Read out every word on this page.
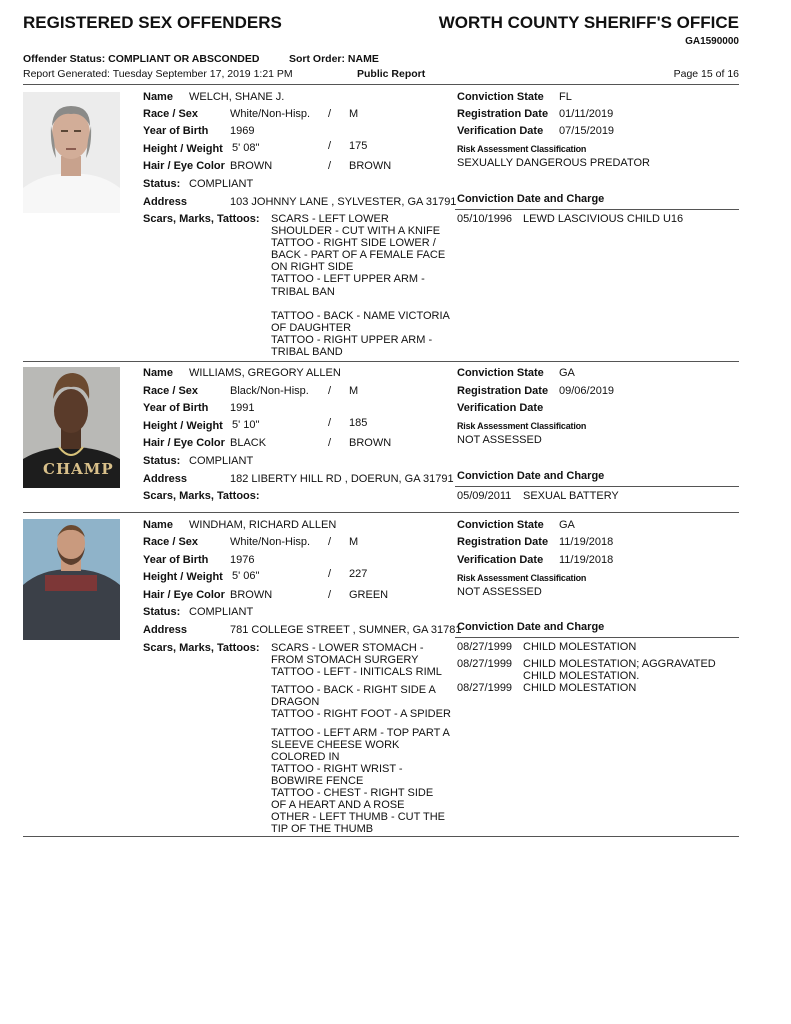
REGISTERED SEX OFFENDERS	WORTH COUNTY SHERIFF'S OFFICE
GA1590000
Offender Status: COMPLIANT OR ABSCONDED	Sort Order: NAME
Report Generated: Tuesday September 17, 2019 1:21 PM	Public Report	Page 15 of 16
Name WELCH, SHANE J.
Race / Sex	White/Non-Hisp. / M
Year of Birth 1969
Height / Weight 5' 08"	/ 175
Hair / Eye Color BROWN	/ BROWN
Status: COMPLIANT
Address	103 JOHNNY LANE , SYLVESTER, GA 31791
Scars, Marks, Tattoos: SCARS - LEFT LOWER SHOULDER - CUT WITH A KNIFE

TATTOO - RIGHT SIDE LOWER / BACK - PART OF A FEMALE FACE ON RIGHT SIDE

TATTOO - LEFT UPPER ARM - TRIBAL BAN

TATTOO - BACK - NAME VICTORIA OF DAUGHTER

TATTOO - RIGHT UPPER ARM - TRIBAL BAND

Conviction State FL
Registration Date 01/11/2019
Verification Date 07/15/2019
Risk Assessment Classification
SEXUALLY DANGEROUS PREDATOR
Conviction Date and Charge
05/10/1996 LEWD LASCIVIOUS CHILD U16
CHAMP
Name WILLIAMS, GREGORY ALLEN
Race / Sex	Black/Non-Hisp. / M
Year of Birth 1991
Height / Weight 5' 10"	/ 185
Hair / Eye Color BLACK	/ BROWN
Status: COMPLIANT
Address	182 LIBERTY HILL RD , DOERUN, GA 31791
Scars, Marks, Tattoos:
Conviction State GA
Registration Date 09/06/2019
Verification Date
Risk Assessment Classification
NOT ASSESSED
Conviction Date and Charge
05/09/2011 SEXUAL BATTERY
Name WINDHAM, RICHARD ALLEN
Race / Sex	White/Non-Hisp. / M
Year of Birth 1976
Height / Weight 5' 06"	/ 227
Hair / Eye Color BROWN	/ GREEN
Status: COMPLIANT
Address	781 COLLEGE STREET , SUMNER, GA 31781
Scars, Marks, Tattoos: SCARS - LOWER STOMACH - FROM STOMACH SURGERY

TATTOO - LEFT - INITICALS RIML

TATTOO - BACK - RIGHT SIDE A DRAGON

TATTOO - RIGHT FOOT - A SPIDER

TATTOO - LEFT ARM - TOP PART A SLEEVE CHEESE WORK COLORED IN

TATTOO - RIGHT WRIST - BOBWIRE FENCE

TATTOO - CHEST - RIGHT SIDE OF A HEART AND A ROSE

OTHER - LEFT THUMB - CUT THE TIP OF THE THUMB

Conviction State GA
Registration Date 11/19/2018
Verification Date 11/19/2018
Risk Assessment Classification
NOT ASSESSED
Conviction Date and Charge
08/27/1999 CHILD MOLESTATION
08/27/1999 CHILD MOLESTATION; AGGRAVATED CHILD MOLESTATION.
08/27/1999 CHILD MOLESTATION
